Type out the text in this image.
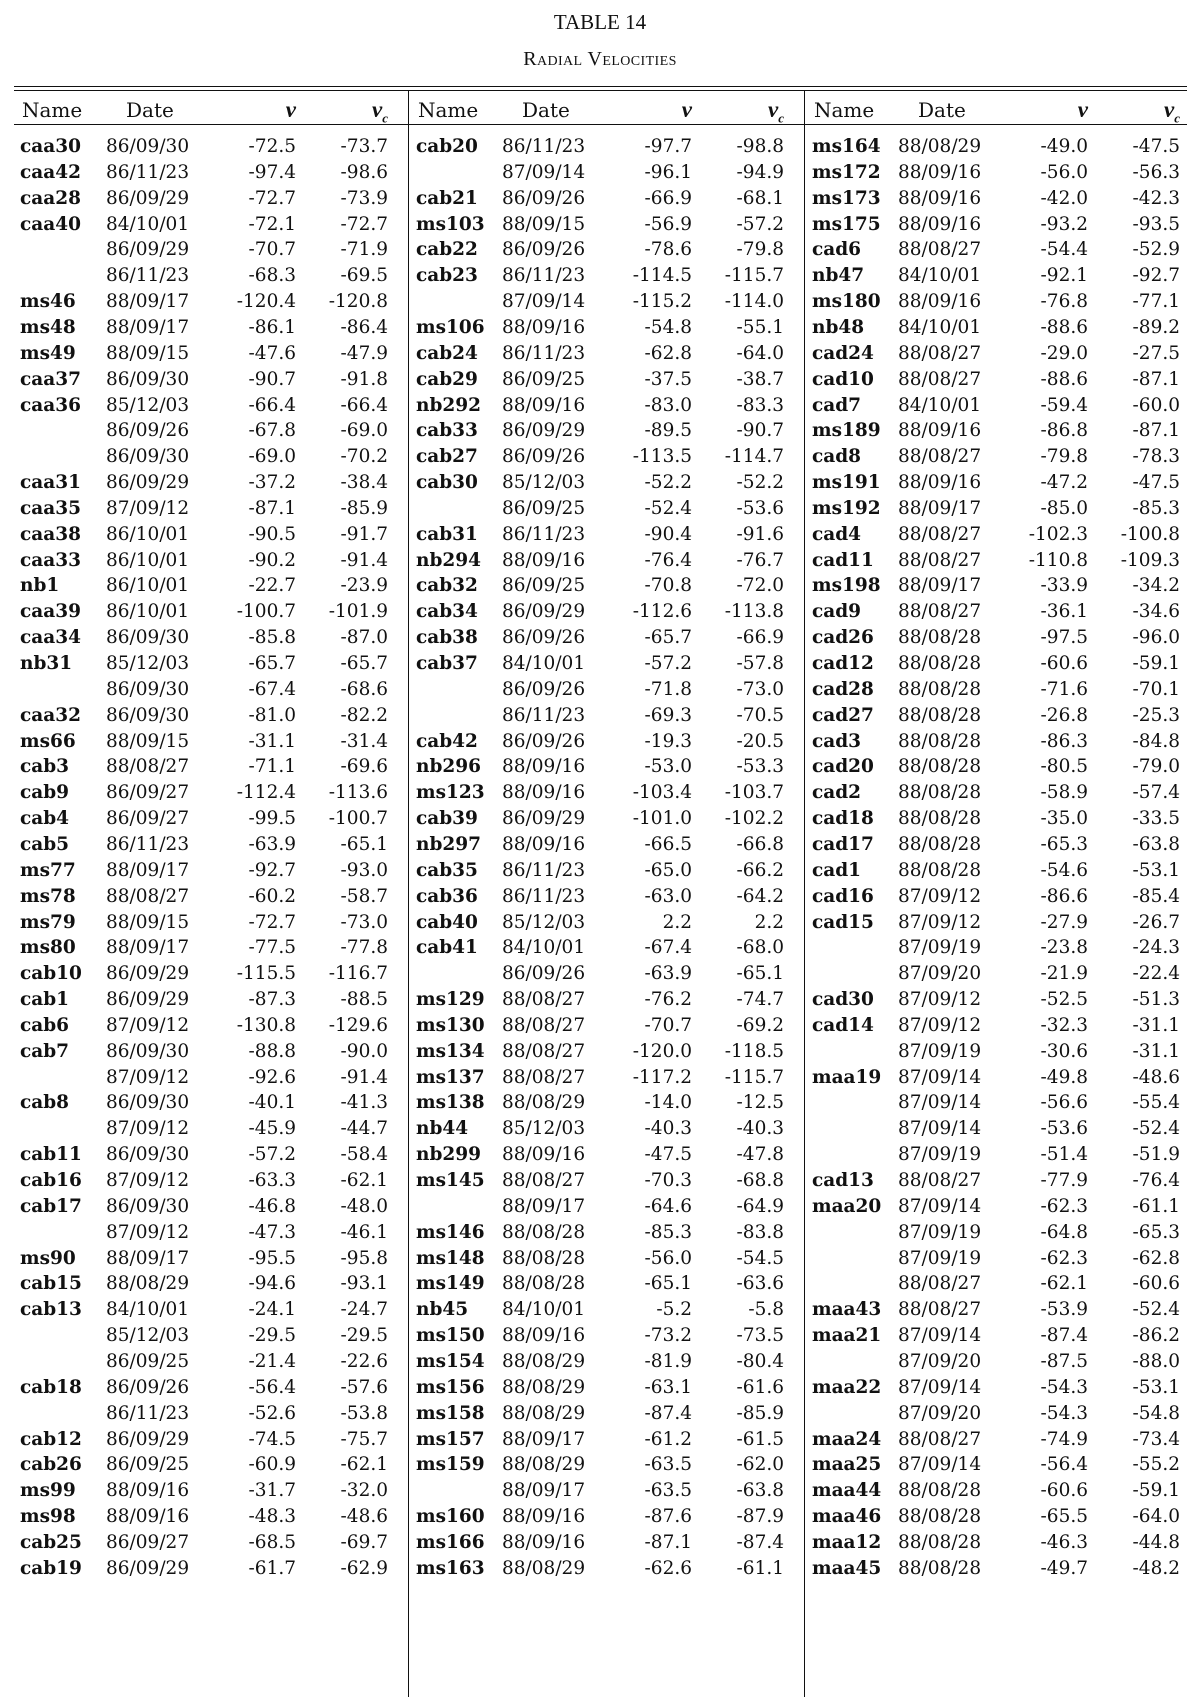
TABLE 14
Radial Velocities
Name Date	v	$v_c$ Name Date	v	$v_c$ Name Date	v	$v_c$
caa30 86/09/30	-72.5	-73.7
caa42 86/11/23	-97.4	-98.6
caa28 86/09/29	-72.7	-73.9
caa40 84/10/01	-72.1	-72.7
86/09/29	-70.7	-71.9
86/11/23	-68.3	-69.5
ms46 88/09/17	-120.4	-120.8
ms48 88/09/17	-86.1	-86.4
ms49 88/09/15	-47.6	-47.9
caa37 86/09/30	-90.7	-91.8
caa36 85/12/03	-66.4	-66.4
86/09/26	-67.8	-69.0
86/09/30	-69.0	-70.2
caa31 86/09/29	-37.2	-38.4
caa35 87/09/12	-87.1	-85.9
caa38 86/10/01	-90.5	-91.7
caa33 86/10/01	-90.2	-91.4
nb1	86/10/01	-22.7	-23.9
caa39 86/10/01	-100.7	-101.9
caa34 86/09/30	-85.8	-87.0
nb31 85/12/03	-65.7	-65.7
86/09/30	-67.4	-68.6
caa32 86/09/30	-81.0	-82.2
ms66 88/09/15	-31.1	-31.4
cab3 88/08/27	-71.1	-69.6
cab9 86/09/27	-112.4	-113.6
cab4 86/09/27	-99.5	-100.7
cab5 86/11/23	-63.9	-65.1
ms77 88/09/17	-92.7	-93.0
ms78 88/08/27	-60.2	-58.7
ms79 88/09/15	-72.7	-73.0
ms80 88/09/17	-77.5	-77.8
cab10 86/09/29	-115.5	-116.7
cab1 86/09/29	-87.3	-88.5
cab6 87/09/12	-130.8	-129.6
cab7 86/09/30	-88.8	-90.0
87/09/12	-92.6	-91.4
cab8 86/09/30	-40.1	-41.3
87/09/12	-45.9	-44.7
cab11 86/09/30	-57.2	-58.4
cab16 87/09/12	-63.3	-62.1
cab17 86/09/30	-46.8	-48.0
87/09/12	-47.3	-46.1
ms90 88/09/17	-95.5	-95.8
cab15 88/08/29	-94.6	-93.1
cab13 84/10/01	-24.1	-24.7
85/12/03	-29.5	-29.5
86/09/25	-21.4	-22.6
cab18 86/09/26	-56.4	-57.6
86/11/23	-52.6	-53.8
cab12 86/09/29	-74.5	-75.7
cab26 86/09/25	-60.9	-62.1
ms99 88/09/16	-31.7	-32.0
ms98 88/09/16	-48.3	-48.6
cab25 86/09/27	-68.5	-69.7
cab19 86/09/29	-61.7	-62.9
cab20 86/11/23	-97.7	-98.8
87/09/14	-96.1	-94.9
cab21 86/09/26	-66.9	-68.1
ms103 88/09/15	-56.9	-57.2
cab22 86/09/26	-78.6	-79.8
cab23 86/11/23	-114.5	-115.7
87/09/14	-115.2	-114.0
ms106 88/09/16	-54.8	-55.1
cab24 86/11/23	-62.8	-64.0
cab29 86/09/25	-37.5	-38.7
nb292 88/09/16	-83.0	-83.3
cab33 86/09/29	-89.5	-90.7
cab27 86/09/26	-113.5	-114.7
cab30 85/12/03	-52.2	-52.2
86/09/25	-52.4	-53.6
cab31 86/11/23	-90.4	-91.6
nb294 88/09/16	-76.4	-76.7
cab32 86/09/25	-70.8	-72.0
cab34 86/09/29	-112.6	-113.8
cab38 86/09/26	-65.7	-66.9
cab37 84/10/01	-57.2	-57.8
86/09/26	-71.8	-73.0
86/11/23	-69.3	-70.5
cab42 86/09/26	-19.3	-20.5
nb296 88/09/16	-53.0	-53.3
ms123 88/09/16	-103.4	-103.7
cab39 86/09/29	-101.0	-102.2
nb297 88/09/16	-66.5	-66.8
cab35 86/11/23	-65.0	-66.2
cab36 86/11/23	-63.0	-64.2
cab40 85/12/03	2.2	2.2
cab41 84/10/01	-67.4	-68.0
86/09/26	-63.9	-65.1
ms129 88/08/27	-76.2	-74.7
ms130 88/08/27	-70.7	-69.2
ms134 88/08/27	-120.0	-118.5
ms137 88/08/27	-117.2	-115.7
ms138 88/08/29	-14.0	-12.5
nb44 85/12/03	-40.3	-40.3
nb299 88/09/16	-47.5	-47.8
ms145 88/08/27	-70.3	-68.8
88/09/17	-64.6	-64.9
ms146 88/08/28	-85.3	-83.8
ms148 88/08/28	-56.0	-54.5
ms149 88/08/28	-65.1	-63.6
nb45 84/10/01	-5.2	-5.8
ms150 88/09/16	-73.2	-73.5
ms154 88/08/29	-81.9	-80.4
ms156 88/08/29	-63.1	-61.6
ms158 88/08/29	-87.4	-85.9
ms157 88/09/17	-61.2	-61.5
ms159 88/08/29	-63.5	-62.0
88/09/17	-63.5	-63.8
ms160 88/09/16	-87.6	-87.9
ms166 88/09/16	-87.1	-87.4
ms163 88/08/29	-62.6	-61.1
ms164 88/08/29	-49.0	-47.5
ms172 88/09/16	-56.0	-56.3
ms173 88/09/16	-42.0	-42.3
ms175 88/09/16	-93.2	-93.5
cad6 88/08/27	-54.4	-52.9
nb47 84/10/01	-92.1	-92.7
ms180 88/09/16	-76.8	-77.1
nb48 84/10/01	-88.6	-89.2
cad24 88/08/27	-29.0	-27.5
cad10 88/08/27	-88.6	-87.1
cad7 84/10/01	-59.4	-60.0
ms189 88/09/16	-86.8	-87.1
cad8 88/08/27	-79.8	-78.3
ms191 88/09/16	-47.2	-47.5
ms192 88/09/17	-85.0	-85.3
cad4 88/08/27	-102.3	-100.8
cad11 88/08/27	-110.8	-109.3
ms198 88/09/17	-33.9	-34.2
cad9 88/08/27	-36.1	-34.6
cad26 88/08/28	-97.5	-96.0
cad12 88/08/28	-60.6	-59.1
cad28 88/08/28	-71.6	-70.1
cad27 88/08/28	-26.8	-25.3
cad3 88/08/28	-86.3	-84.8
cad20 88/08/28	-80.5	-79.0
cad2 88/08/28	-58.9	-57.4
cad18 88/08/28	-35.0	-33.5
cad17 88/08/28	-65.3	-63.8
cad1 88/08/28	-54.6	-53.1
cad16 87/09/12	-86.6	-85.4
cad15 87/09/12	-27.9	-26.7
87/09/19	-23.8	-24.3
87/09/20	-21.9	-22.4
cad30 87/09/12	-52.5	-51.3
cad14 87/09/12	-32.3	-31.1
87/09/19	-30.6	-31.1
maa19 87/09/14	-49.8	-48.6
87/09/14	-56.6	-55.4
87/09/14	-53.6	-52.4
87/09/19	-51.4	-51.9
cad13 88/08/27	-77.9	-76.4
maa20 87/09/14	-62.3	-61.1
87/09/19	-64.8	-65.3
87/09/19	-62.3	-62.8
88/08/27	-62.1	-60.6
maa43 88/08/27	-53.9	-52.4
maa21 87/09/14	-87.4	-86.2
87/09/20	-87.5	-88.0
maa22 87/09/14	-54.3	-53.1
87/09/20	-54.3	-54.8
maa24 88/08/27	-74.9	-73.4
maa25 87/09/14	-56.4	-55.2
maa44 88/08/28	-60.6	-59.1
maa46 88/08/28	-65.5	-64.0
maa12 88/08/28	-46.3	-44.8
maa45 88/08/28	-49.7	-48.2
